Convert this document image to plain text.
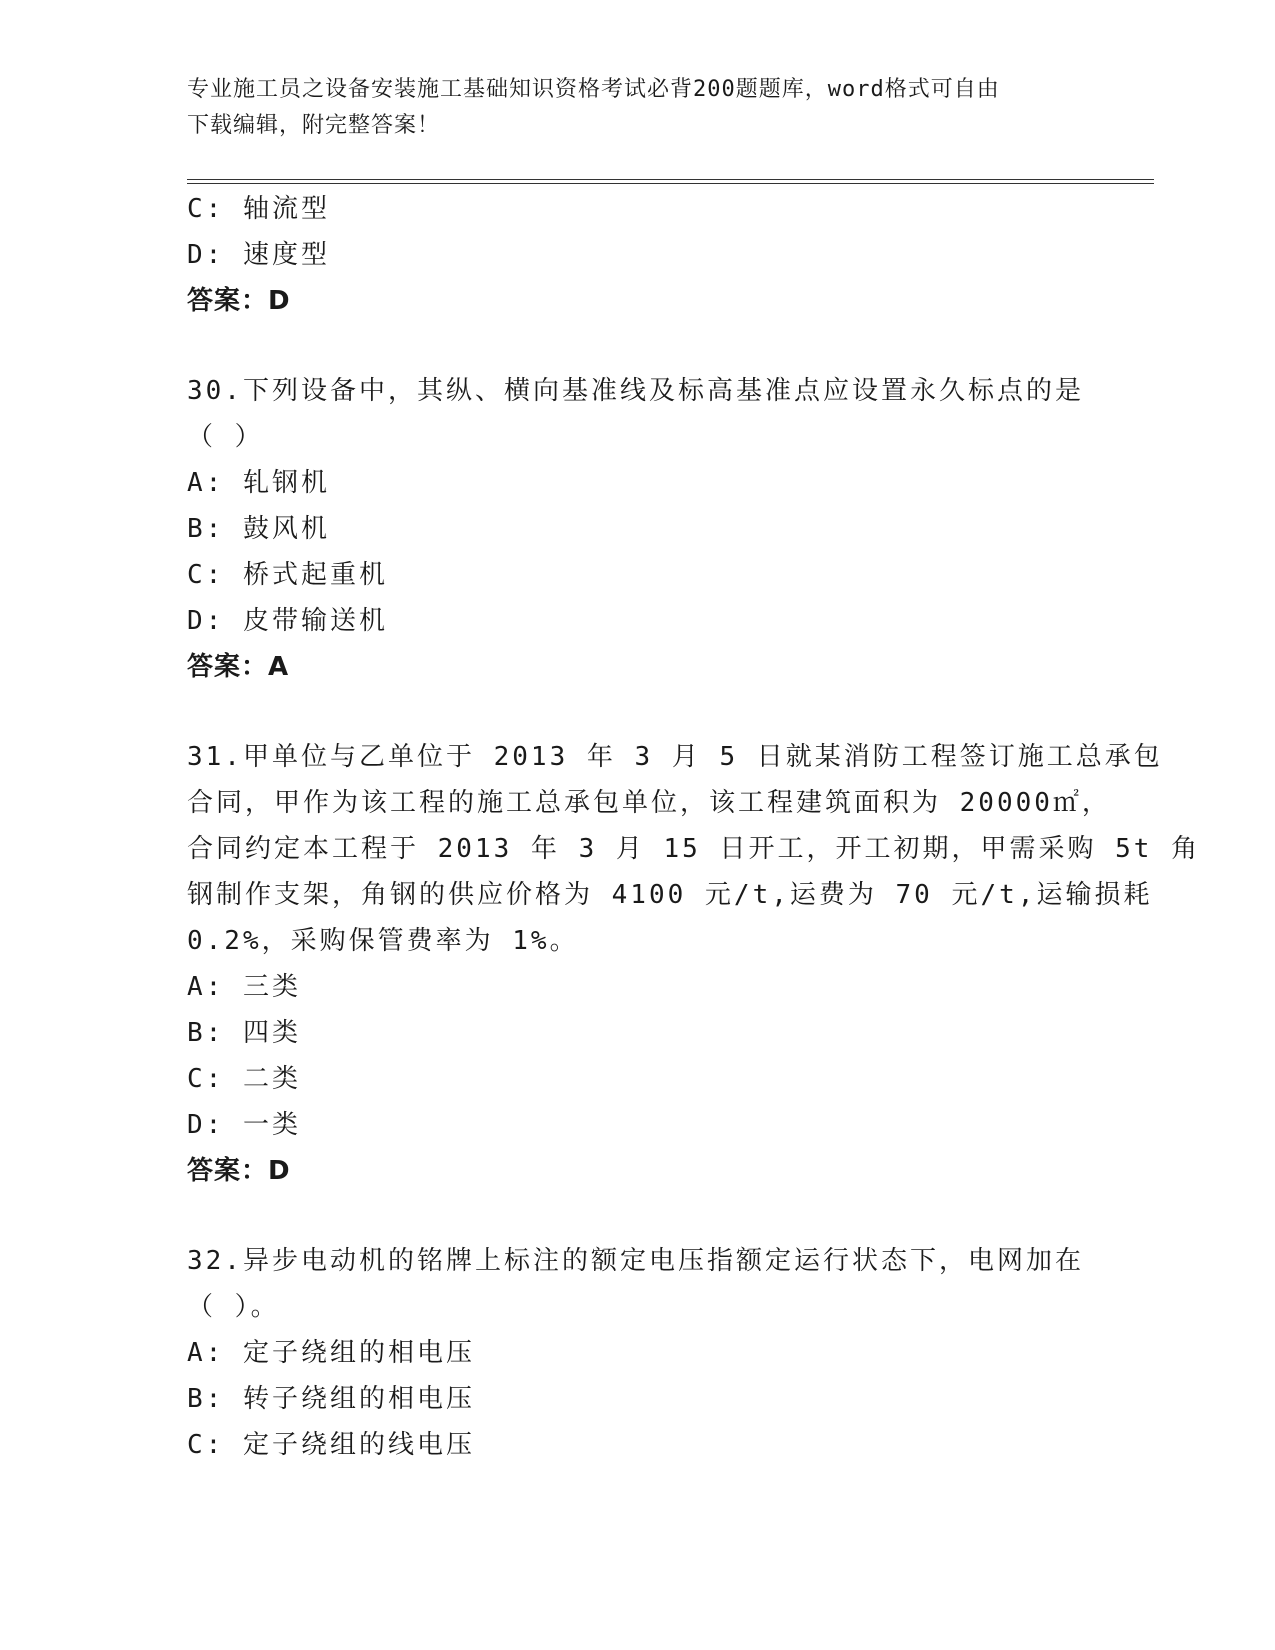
专业施工员之设备安装施工基础知识资格考试必背200题题库，word格式可自由
下载编辑，附完整答案！
C: 轴流型
D: 速度型
答案：D
30.下列设备中，其纵、横向基准线及标高基准点应设置永久标点的是
（ ）
A: 轧钢机
B: 鼓风机
C: 桥式起重机
D: 皮带输送机
答案：A
31.甲单位与乙单位于 2013 年 3 月 5 日就某消防工程签订施工总承包
合同，甲作为该工程的施工总承包单位，该工程建筑面积为 20000㎡，
合同约定本工程于 2013 年 3 月 15 日开工，开工初期，甲需采购 5t 角
钢制作支架，角钢的供应价格为 4100 元/t,运费为 70 元/t,运输损耗
0.2%，采购保管费率为 1%。
A: 三类
B: 四类
C: 二类
D: 一类
答案：D
32.异步电动机的铭牌上标注的额定电压指额定运行状态下，电网加在
（ ）。
A: 定子绕组的相电压
B: 转子绕组的相电压
C: 定子绕组的线电压
